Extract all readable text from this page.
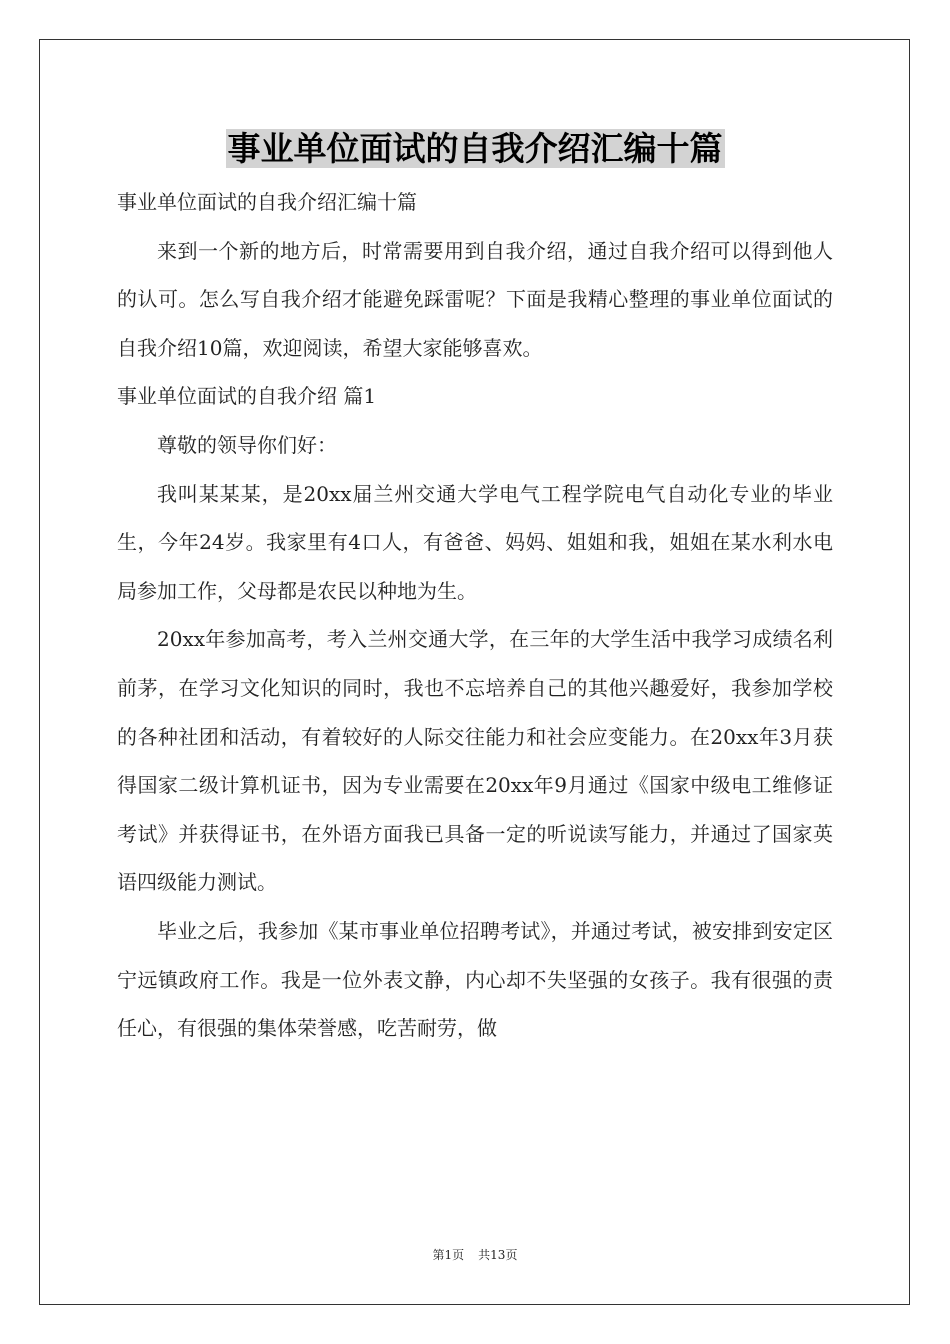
事业单位面试的自我介绍汇编十篇

事业单位面试的自我介绍汇编十篇

来到一个新的地方后，时常需要用到自我介绍，通过自我介绍可以得到他人的认可。怎么写自我介绍才能避免踩雷呢？下面是我精心整理的事业单位面试的自我介绍10篇，欢迎阅读，希望大家能够喜欢。

事业单位面试的自我介绍 篇1

尊敬的领导你们好：

我叫某某某，是20xx届兰州交通大学电气工程学院电气自动化专业的毕业生，今年24岁。我家里有4口人，有爸爸、妈妈、姐姐和我，姐姐在某水利水电局参加工作，父母都是农民以种地为生。

20xx年参加高考，考入兰州交通大学，在三年的大学生活中我学习成绩名利前茅，在学习文化知识的同时，我也不忘培养自己的其他兴趣爱好，我参加学校的各种社团和活动，有着较好的人际交往能力和社会应变能力。在20xx年3月获得国家二级计算机证书，因为专业需要在20xx年9月通过《国家中级电工维修证考试》并获得证书，在外语方面我已具备一定的听说读写能力，并通过了国家英语四级能力测试。

毕业之后，我参加《某市事业单位招聘考试》，并通过考试，被安排到安定区宁远镇政府工作。我是一位外表文静，内心却不失坚强的女孩子。我有很强的责任心，有很强的集体荣誉感，吃苦耐劳，做

第1页 共13页
